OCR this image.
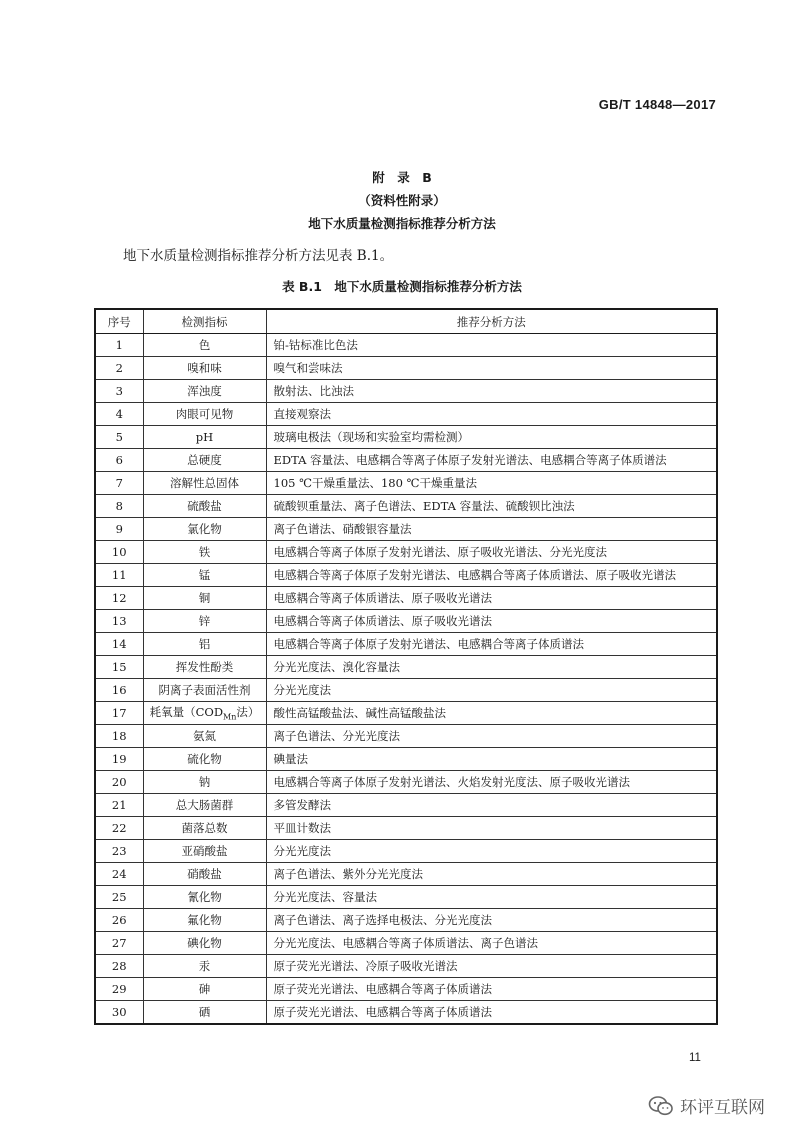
GB/T 14848—2017
附　录　B
（资料性附录）
地下水质量检测指标推荐分析方法
地下水质量检测指标推荐分析方法见表 B.1。
表 B.1　地下水质量检测指标推荐分析方法
序号	检测指标	推荐分析方法
1	色	铂-钴标准比色法
2	嗅和味	嗅气和尝味法
3	浑浊度	散射法、比浊法
4	肉眼可见物	直接观察法
5	pH	玻璃电极法（现场和实验室均需检测）
6	总硬度	EDTA 容量法、电感耦合等离子体原子发射光谱法、电感耦合等离子体质谱法
7	溶解性总固体	105 ℃干燥重量法、180 ℃干燥重量法
8	硫酸盐	硫酸钡重量法、离子色谱法、EDTA 容量法、硫酸钡比浊法
9	氯化物	离子色谱法、硝酸银容量法
10	铁	电感耦合等离子体原子发射光谱法、原子吸收光谱法、分光光度法
11	锰	电感耦合等离子体原子发射光谱法、电感耦合等离子体质谱法、原子吸收光谱法
12	铜	电感耦合等离子体质谱法、原子吸收光谱法
13	锌	电感耦合等离子体质谱法、原子吸收光谱法
14	铝	电感耦合等离子体原子发射光谱法、电感耦合等离子体质谱法
15	挥发性酚类	分光光度法、溴化容量法
16	阴离子表面活性剂	分光光度法
17	耗氧量（$COD_{Mn}$法）	酸性高锰酸盐法、碱性高锰酸盐法
18	氨氮	离子色谱法、分光光度法
19	硫化物	碘量法
20	钠	电感耦合等离子体原子发射光谱法、火焰发射光度法、原子吸收光谱法
21	总大肠菌群	多管发酵法
22	菌落总数	平皿计数法
23	亚硝酸盐	分光光度法
24	硝酸盐	离子色谱法、紫外分光光度法
25	氰化物	分光光度法、容量法
26	氟化物	离子色谱法、离子选择电极法、分光光度法
27	碘化物	分光光度法、电感耦合等离子体质谱法、离子色谱法
28	汞	原子荧光光谱法、冷原子吸收光谱法
29	砷	原子荧光光谱法、电感耦合等离子体质谱法
30	硒	原子荧光光谱法、电感耦合等离子体质谱法
11
环评互联网
